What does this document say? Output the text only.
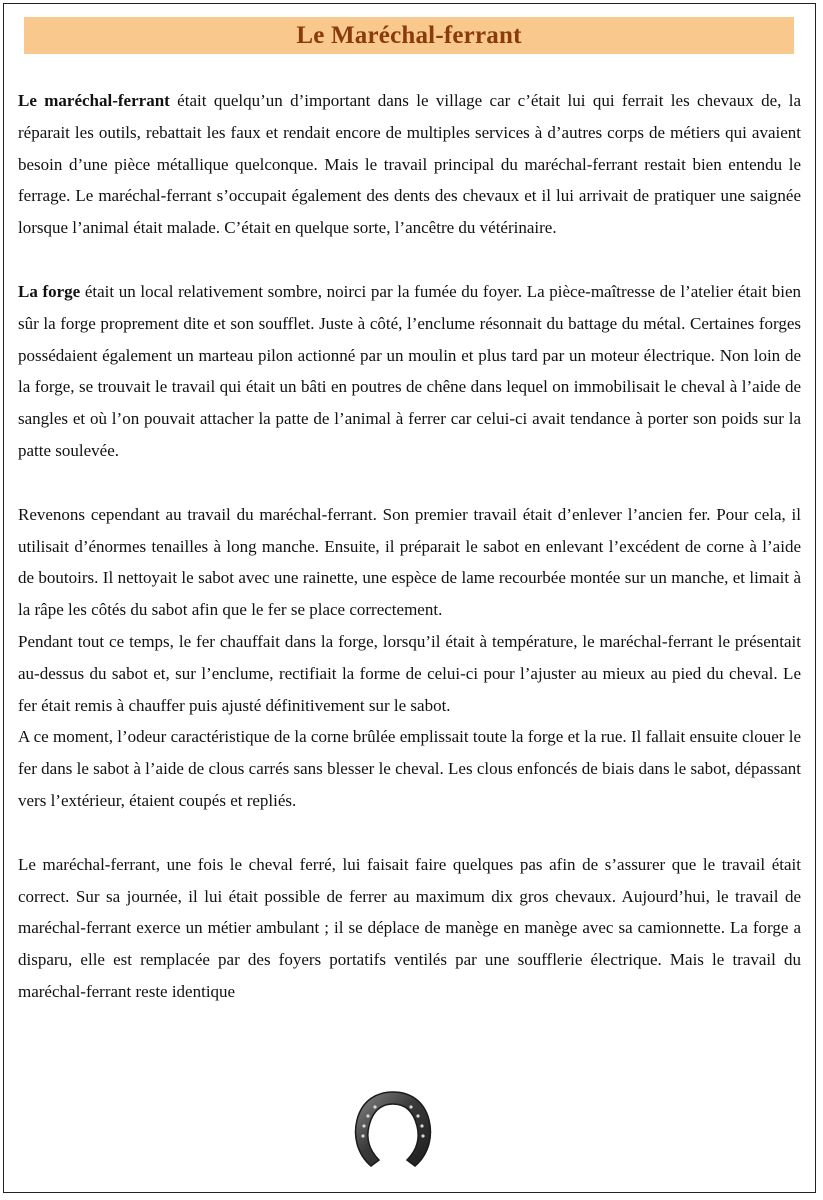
Le Maréchal-ferrant

Le maréchal-ferrant était quelqu’un d’important dans le village car c’était lui qui ferrait les chevaux de, la réparait les outils, rebattait les faux et rendait encore de multiples services à d’autres corps de métiers qui avaient besoin d’une pièce métallique quelconque. Mais le travail principal du maréchal-ferrant restait bien entendu le ferrage. Le maréchal-ferrant s’occupait également des dents des chevaux et il lui arrivait de pratiquer une saignée lorsque l’animal était malade. C’était en quelque sorte, l’ancêtre du vétérinaire.

La forge était un local relativement sombre, noirci par la fumée du foyer. La pièce-maîtresse de l’atelier était bien sûr la forge proprement dite et son soufflet. Juste à côté, l’enclume résonnait du battage du métal. Certaines forges possédaient également un marteau pilon actionné par un moulin et plus tard par un moteur électrique. Non loin de la forge, se trouvait le travail qui était un bâti en poutres de chêne dans lequel on immobilisait le cheval à l’aide de sangles et où l’on pouvait attacher la patte de l’animal à ferrer car celui-ci avait tendance à porter son poids sur la patte soulevée.

Revenons cependant au travail du maréchal-ferrant. Son premier travail était d’enlever l’ancien fer. Pour cela, il utilisait d’énormes tenailles à long manche. Ensuite, il préparait le sabot en enlevant l’excédent de corne à l’aide de boutoirs. Il nettoyait le sabot avec une rainette, une espèce de lame recourbée montée sur un manche, et limait à la râpe les côtés du sabot afin que le fer se place correctement.

Pendant tout ce temps, le fer chauffait dans la forge, lorsqu’il était à température, le maréchal-ferrant le présentait au-dessus du sabot et, sur l’enclume, rectifiait la forme de celui-ci pour l’ajuster au mieux au pied du cheval. Le fer était remis à chauffer puis ajusté définitivement sur le sabot.

A ce moment, l’odeur caractéristique de la corne brûlée emplissait toute la forge et la rue. Il fallait ensuite clouer le fer dans le sabot à l’aide de clous carrés sans blesser le cheval. Les clous enfoncés de biais dans le sabot, dépassant vers l’extérieur, étaient coupés et repliés.

Le maréchal-ferrant, une fois le cheval ferré, lui faisait faire quelques pas afin de s’assurer que le travail était correct. Sur sa journée, il lui était possible de ferrer au maximum dix gros chevaux. Aujourd’hui, le travail de maréchal-ferrant exerce un métier ambulant ; il se déplace de manège en manège avec sa camionnette. La forge a disparu, elle est remplacée par des foyers portatifs ventilés par une soufflerie électrique. Mais le travail du maréchal-ferrant reste identique
